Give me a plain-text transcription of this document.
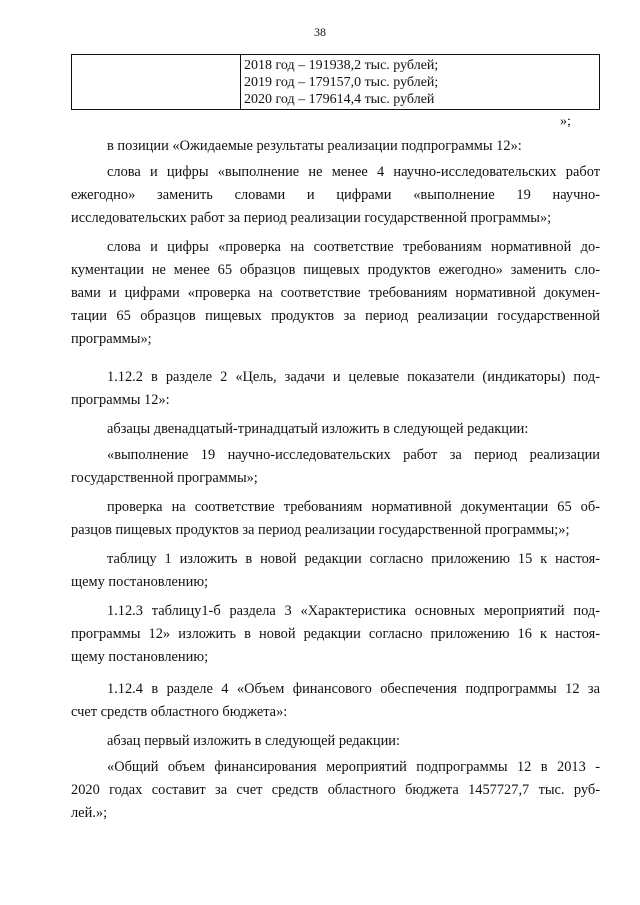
38

2018 год – 191938,2 тыс. рублей;
2019 год – 179157,0 тыс. рублей;
2020 год – 179614,4 тыс. рублей
»;
в позиции «Ожидаемые результаты реализации подпрограммы 12»:
слова и цифры «выполнение не менее 4 научно-исследовательских работ
ежегодно» заменить словами и цифрами «выполнение 19 научно-
исследовательских работ за период реализации государственной программы»;
слова и цифры «проверка на соответствие требованиям нормативной до-
кументации не менее 65 образцов пищевых продуктов ежегодно» заменить сло-
вами и цифрами «проверка на соответствие требованиям нормативной докумен-
тации 65 образцов пищевых продуктов за период реализации государственной
программы»;
1.12.2 в разделе 2 «Цель, задачи и целевые показатели (индикаторы) под-
программы 12»:
абзацы двенадцатый-тринадцатый изложить в следующей редакции:
«выполнение 19 научно-исследовательских работ за период реализации
государственной программы»;
проверка на соответствие требованиям нормативной документации 65 об-
разцов пищевых продуктов за период реализации государственной программы;»;
таблицу 1 изложить в новой редакции согласно приложению 15 к настоя-
щему постановлению;
1.12.3 таблицу1-б раздела 3 «Характеристика основных мероприятий под-
программы 12» изложить в новой редакции согласно приложению 16 к настоя-
щему постановлению;
1.12.4 в разделе 4 «Объем финансового обеспечения подпрограммы 12 за
счет средств областного бюджета»:
абзац первый изложить в следующей редакции:
«Общий объем финансирования мероприятий подпрограммы 12 в 2013 -
2020 годах составит за счет средств областного бюджета 1457727,7 тыс. руб-
лей.»;
